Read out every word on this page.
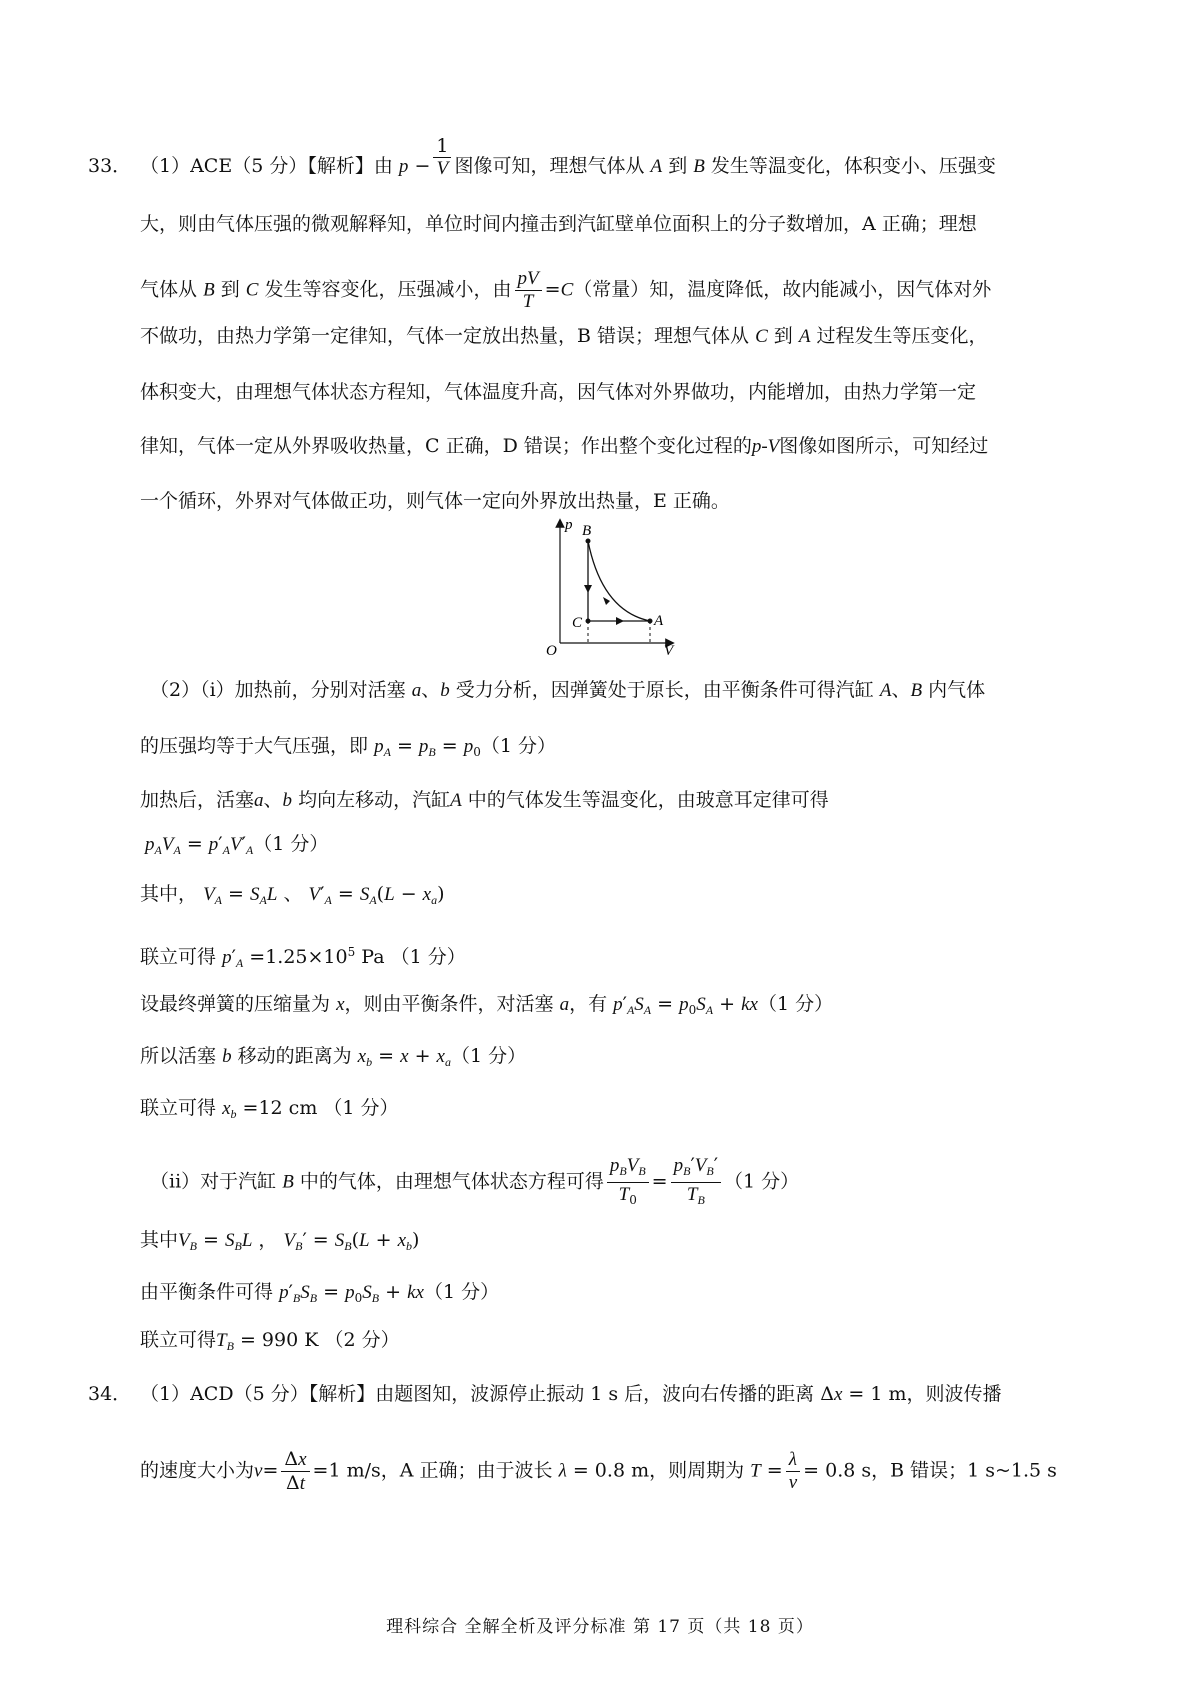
33． （1）ACE（5 分）【解析】由 $p - \frac{1}{V}$ 图像可知，理想气体从 A 到 B 发生等温变化，体积变小、压强变
大，则由气体压强的微观解释知，单位时间内撞击到汽缸壁单位面积上的分子数增加，A 正确；理想
气体从 B 到 C 发生等容变化，压强减小，由 $\frac{pV}{T} =C$（常量）知，温度降低，故内能减小，因气体对外
不做功，由热力学第一定律知，气体一定放出热量，B 错误；理想气体从 C 到 A 过程发生等压变化，
体积变大，由理想气体状态方程知，气体温度升高，因气体对外界做功，内能增加，由热力学第一定
律知，气体一定从外界吸收热量，C 正确，D 错误；作出整个变化过程的p-V图像如图所示，可知经过
一个循环，外界对气体做正功，则气体一定向外界放出热量，E 正确。
p
V
O
B
C	A
（2）（i）加热前，分别对活塞 a、b 受力分析，因弹簧处于原长，由平衡条件可得汽缸 A、B 内气体
的压强均等于大气压强，即 $p_A = p_B = p_0(1$ 分）
加热后，活塞a、b 均向左移动，汽缸A 中的气体发生等温变化，由玻意耳定律可得
$p_AV_A = p'_AV'_A(1$ 分）
其中， $V_A = S_AL$ 、 $V'_A = S_A(L - x_a)$
联立可得 $p'_A =1.25\times 10^5$ Pa （1 分）
设最终弹簧的压缩量为 x，则由平衡条件，对活塞 a，有 $p'_AS_A = p_0S_A + kx(1$ 分）
所以活塞 b 移动的距离为 $x_b = x + x_a(1$ 分）
联立可得 $x_b =12$ cm （1 分）
（ii）对于汽缸 B 中的气体，由理想气体状态方程可得 $\frac{p_BV_B}{T_0} = \frac{p_B'V_B'}{T_B} (1$ 分）
其中$V_B = S_BL$ ， $V_B' = S_B(L + x_b)$
由平衡条件可得 $p'_BS_B = p_0S_B + kx(1$ 分）
联立可得$T_B = 990$ K （2 分）
34． （1）ACD（5 分）【解析】由题图知，波源停止振动 1 s 后，波向右传播的距离 Δx = 1 m，则波传播
的速度大小为$v= \frac{\Delta x}{\Delta t} =1$ m/s，A 正确；由于波长 λ = 0.8 m，则周期为 $T = \frac{\lambda}{v} = 0.8$ s，B 错误；1 s~1.5 s
理科综合 全解全析及评分标准 第 17 页（共 18 页）
